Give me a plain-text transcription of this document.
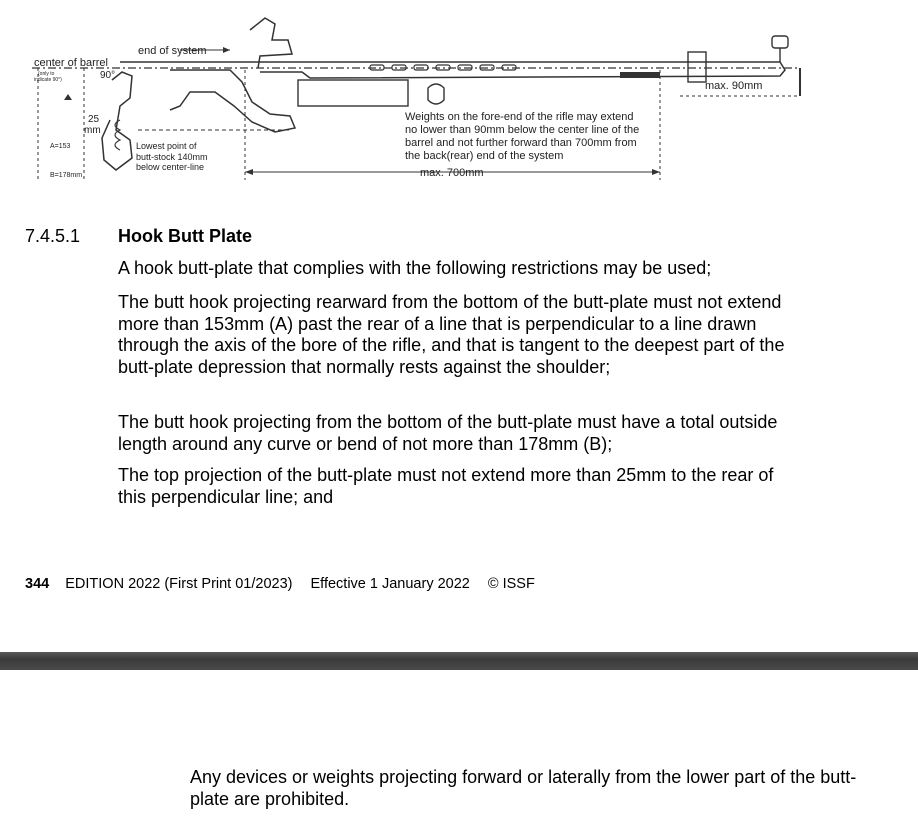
center of barrel
(only to
indicate 90°)	90°
end of system
25
mm
A=153
B=178mm
Lowest point of
butt-stock 140mm
below center-line
Weights on the fore-end of the rifle may extend
no lower than 90mm below the center line of the
barrel and not further forward than 700mm from
the back(rear) end of the system
max. 700mm
max. 90mm
7.4.5.1 Hook Butt Plate

A hook butt-plate that complies with the following restrictions may be used;

The butt hook projecting rearward from the bottom of the butt-plate must not extend more than 153mm (A) past the rear of a line that is perpendicular to a line drawn through the axis of the bore of the rifle, and that is tangent to the deepest part of the butt-plate depression that normally rests against the shoulder;

The butt hook projecting from the bottom of the butt-plate must have a total outside length around any curve or bend of not more than 178mm (B);

The top projection of the butt-plate must not extend more than 25mm to the rear of this perpendicular line; and

344 EDITION 2022 (First Print 01/2023) Effective 1 January 2022 © ISSF

Any devices or weights projecting forward or laterally from the lower part of the butt-plate are prohibited.
